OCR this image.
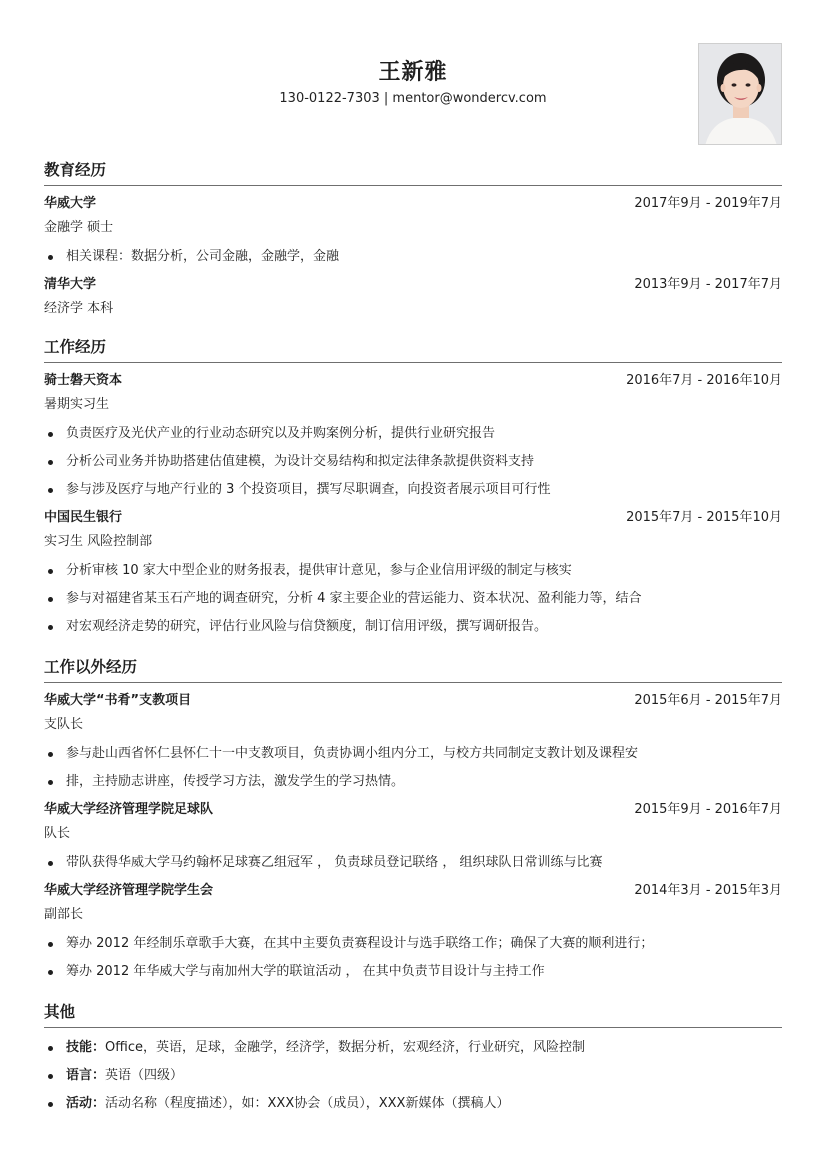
王新雅
130-0122-7303 | mentor@wondercv.com
教育经历
华威大学	2017年9月 - 2019年7月
金融学 硕士
相关课程：数据分析，公司金融，金融学，金融
清华大学	2013年9月 - 2017年7月
经济学 本科
工作经历
骑士磐天资本	2016年7月 - 2016年10月
暑期实习生
负责医疗及光伏产业的行业动态研究以及并购案例分析，提供行业研究报告
分析公司业务并协助搭建估值建模，为设计交易结构和拟定法律条款提供资料支持
参与涉及医疗与地产行业的 3 个投资项目，撰写尽职调查，向投资者展示项目可行性
中国民生银行	2015年7月 - 2015年10月
实习生 风险控制部
分析审核 10 家大中型企业的财务报表，提供审计意见，参与企业信用评级的制定与核实
参与对福建省某玉石产地的调查研究，分析 4 家主要企业的营运能力、资本状况、盈利能力等，结合
对宏观经济走势的研究，评估行业风险与信贷额度，制订信用评级，撰写调研报告。
工作以外经历
华威大学“书肴”支教项目	2015年6月 - 2015年7月
支队长
参与赴山西省怀仁县怀仁十一中支教项目，负责协调小组内分工，与校方共同制定支教计划及课程安
排，主持励志讲座，传授学习方法，激发学生的学习热情。
华威大学经济管理学院足球队	2015年9月 - 2016年7月
队长
带队获得华威大学马约翰杯足球赛乙组冠军 ， 负责球员登记联络 ， 组织球队日常训练与比赛
华威大学经济管理学院学生会	2014年3月 - 2015年3月
副部长
筹办 2012 年经制乐章歌手大赛，在其中主要负责赛程设计与选手联络工作；确保了大赛的顺利进行；
筹办 2012 年华威大学与南加州大学的联谊活动 ， 在其中负责节目设计与主持工作
其他
技能：Office，英语，足球，金融学，经济学，数据分析，宏观经济，行业研究，风险控制
语言：英语（四级）
活动：活动名称（程度描述），如：XXX协会（成员），XXX新媒体（撰稿人）
